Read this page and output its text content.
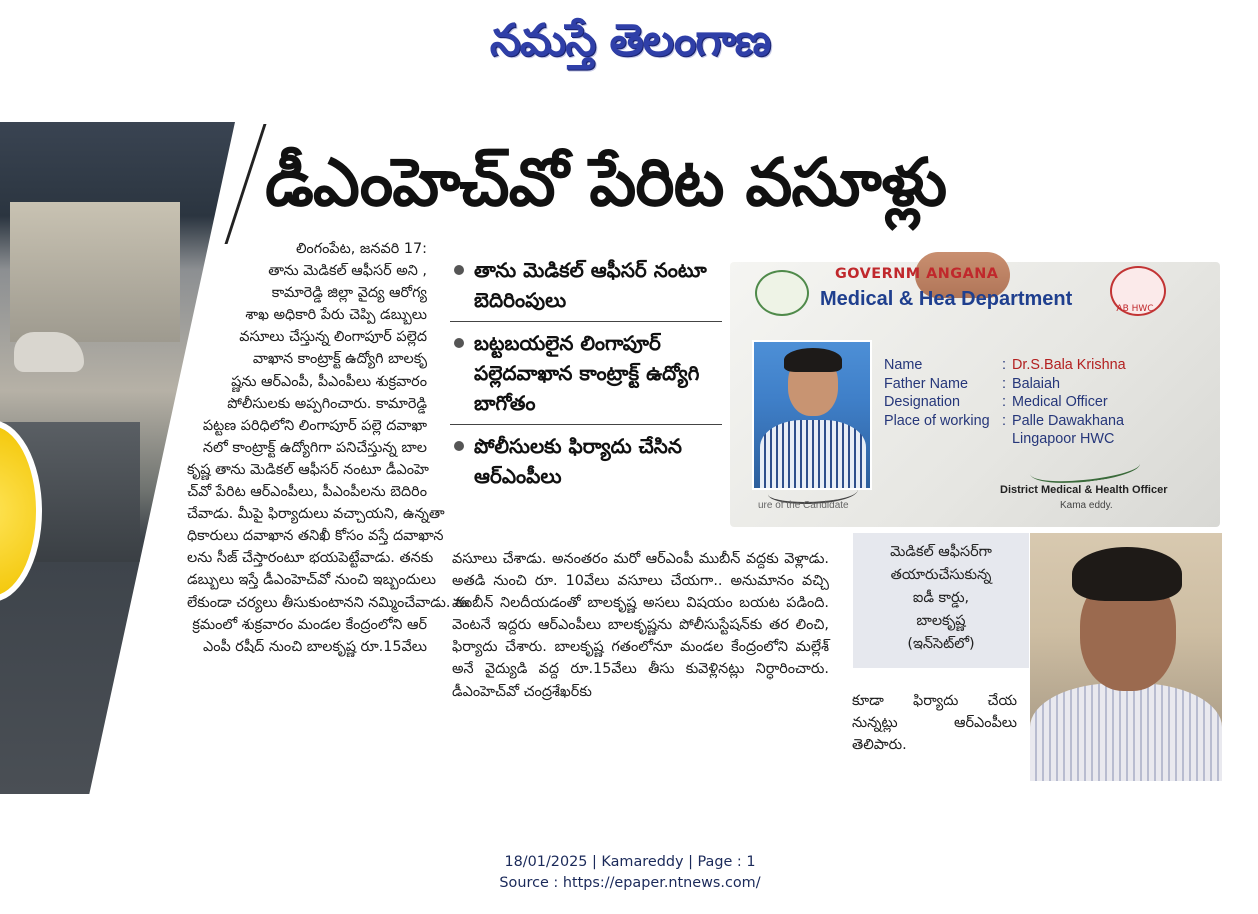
నమస్తే తెలంగాణ
డీఎంహెచ్‌వో పేరిట వసూళ్లు
లింగంపేట, జనవరి 17:
తాను మెడికల్ ఆఫీసర్ అని ,
కామారెడ్డి జిల్లా వైద్య ఆరోగ్య
శాఖ అధికారి పేరు చెప్పి డబ్బులు
వసూలు చేస్తున్న లింగాపూర్ పల్లెద
వాఖాన కాంట్రాక్ట్ ఉద్యోగి బాలకృ
ష్ణను ఆర్‌ఎంపీ, పీఎంపీలు శుక్రవారం
పోలీసులకు అప్పగించారు. కామారెడ్డి
పట్టణ పరిధిలోని లింగాపూర్ పల్లె దవాఖా
నలో కాంట్రాక్ట్ ఉద్యోగిగా పనిచేస్తున్న బాల
కృష్ణ తాను మెడికల్ ఆఫీసర్ నంటూ డీఎంహె
చ్‌వో పేరిట ఆర్‌ఎంపీలు, పీఎంపీలను బెదిరిం
చేవాడు. మీపై ఫిర్యాదులు వచ్చాయని, ఉన్నతా
ధికారులు దవాఖాన తనిఖీ కోసం వస్తే దవాఖాన
లను సీజ్ చేస్తారంటూ భయపెట్టేవాడు. తనకు
డబ్బులు ఇస్తే డీఎంహెచ్‌వో నుంచి ఇబ్బందులు
లేకుండా చర్యలు తీసుకుంటానని నమ్మించేవాడు. ఈ
క్రమంలో శుక్రవారం మండల కేంద్రంలోని ఆర్
ఎంపీ రషీద్ నుంచి బాలకృష్ణ రూ.15వేలు
తాను మెడికల్ ఆఫీసర్ నంటూ బెదిరింపులు
బట్టబయలైన లింగాపూర్ పల్లెదవాఖాన కాంట్రాక్ట్ ఉద్యోగి బాగోతం
పోలీసులకు ఫిర్యాదు చేసిన ఆర్‌ఎంపీలు
GOVERNM ANGANA
Medical & Hea Department	AB HWC
Name	: Dr.S.Bala Krishna
Father Name	: Balaiah
Designation	: Medical Officer
Place of working : Palle Dawakhana
Lingapoor HWC
ure of the Candidate
District Medical & Health Officer
Kama eddy.
వసూలు చేశాడు. అనంతరం మరో ఆర్‌ఎంపీ ముబీన్ వద్దకు వెళ్లాడు. అతడి నుంచి రూ. 10వేలు వసూలు చేయగా.. అనుమానం వచ్చి ముబీన్ నిలదీయడంతో బాలకృష్ణ అసలు విషయం బయట పడింది. వెంటనే ఇద్దరు ఆర్‌ఎంపీలు బాలకృష్ణను పోలీసుస్టేషన్‌కు తర లించి, ఫిర్యాదు చేశారు. బాలకృష్ణ గతంలోనూ మండల కేంద్రంలోని మల్లేశ్ అనే వైద్యుడి వద్ద రూ.15వేలు తీసు కువెళ్లినట్లు నిర్ధారించారు. డీఎంహెచ్‌వో చంద్రశేఖర్‌కు
మెడికల్ ఆఫీసర్‌గా
తయారుచేసుకున్న
ఐడీ కార్డు,
బాలకృష్ణ
(ఇన్‌సెట్‌లో)
కూడా ఫిర్యాదు చేయ నున్నట్లు ఆర్‌ఎంపీలు తెలిపారు.
18/01/2025 | Kamareddy | Page : 1
Source : https://epaper.ntnews.com/
